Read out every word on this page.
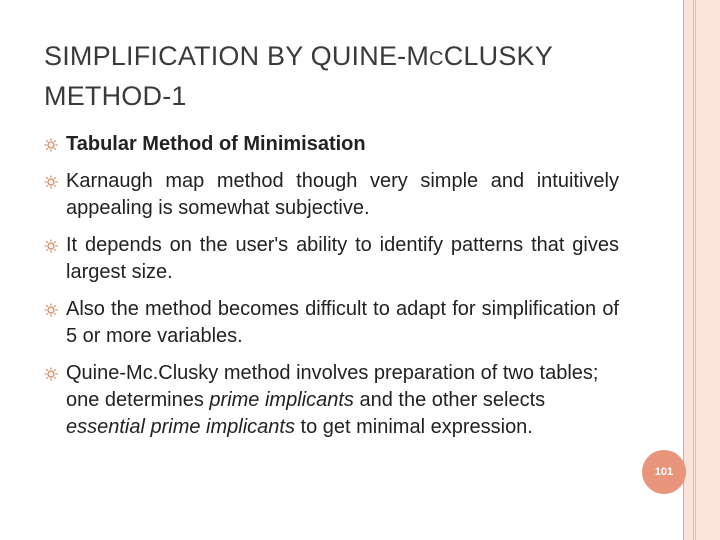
SIMPLIFICATION BY QUINE-MCCLUSKY
METHOD-1
Tabular Method of Minimisation
Karnaugh map method though very simple and intuitively appealing is somewhat subjective.
It depends on the user's ability to identify patterns that gives largest size.
Also the method becomes difficult to adapt for simplification of 5 or more variables.
Quine-Mc.Clusky method involves preparation of two tables; one determines prime implicants and the other selects essential prime implicants to get minimal expression.
101
